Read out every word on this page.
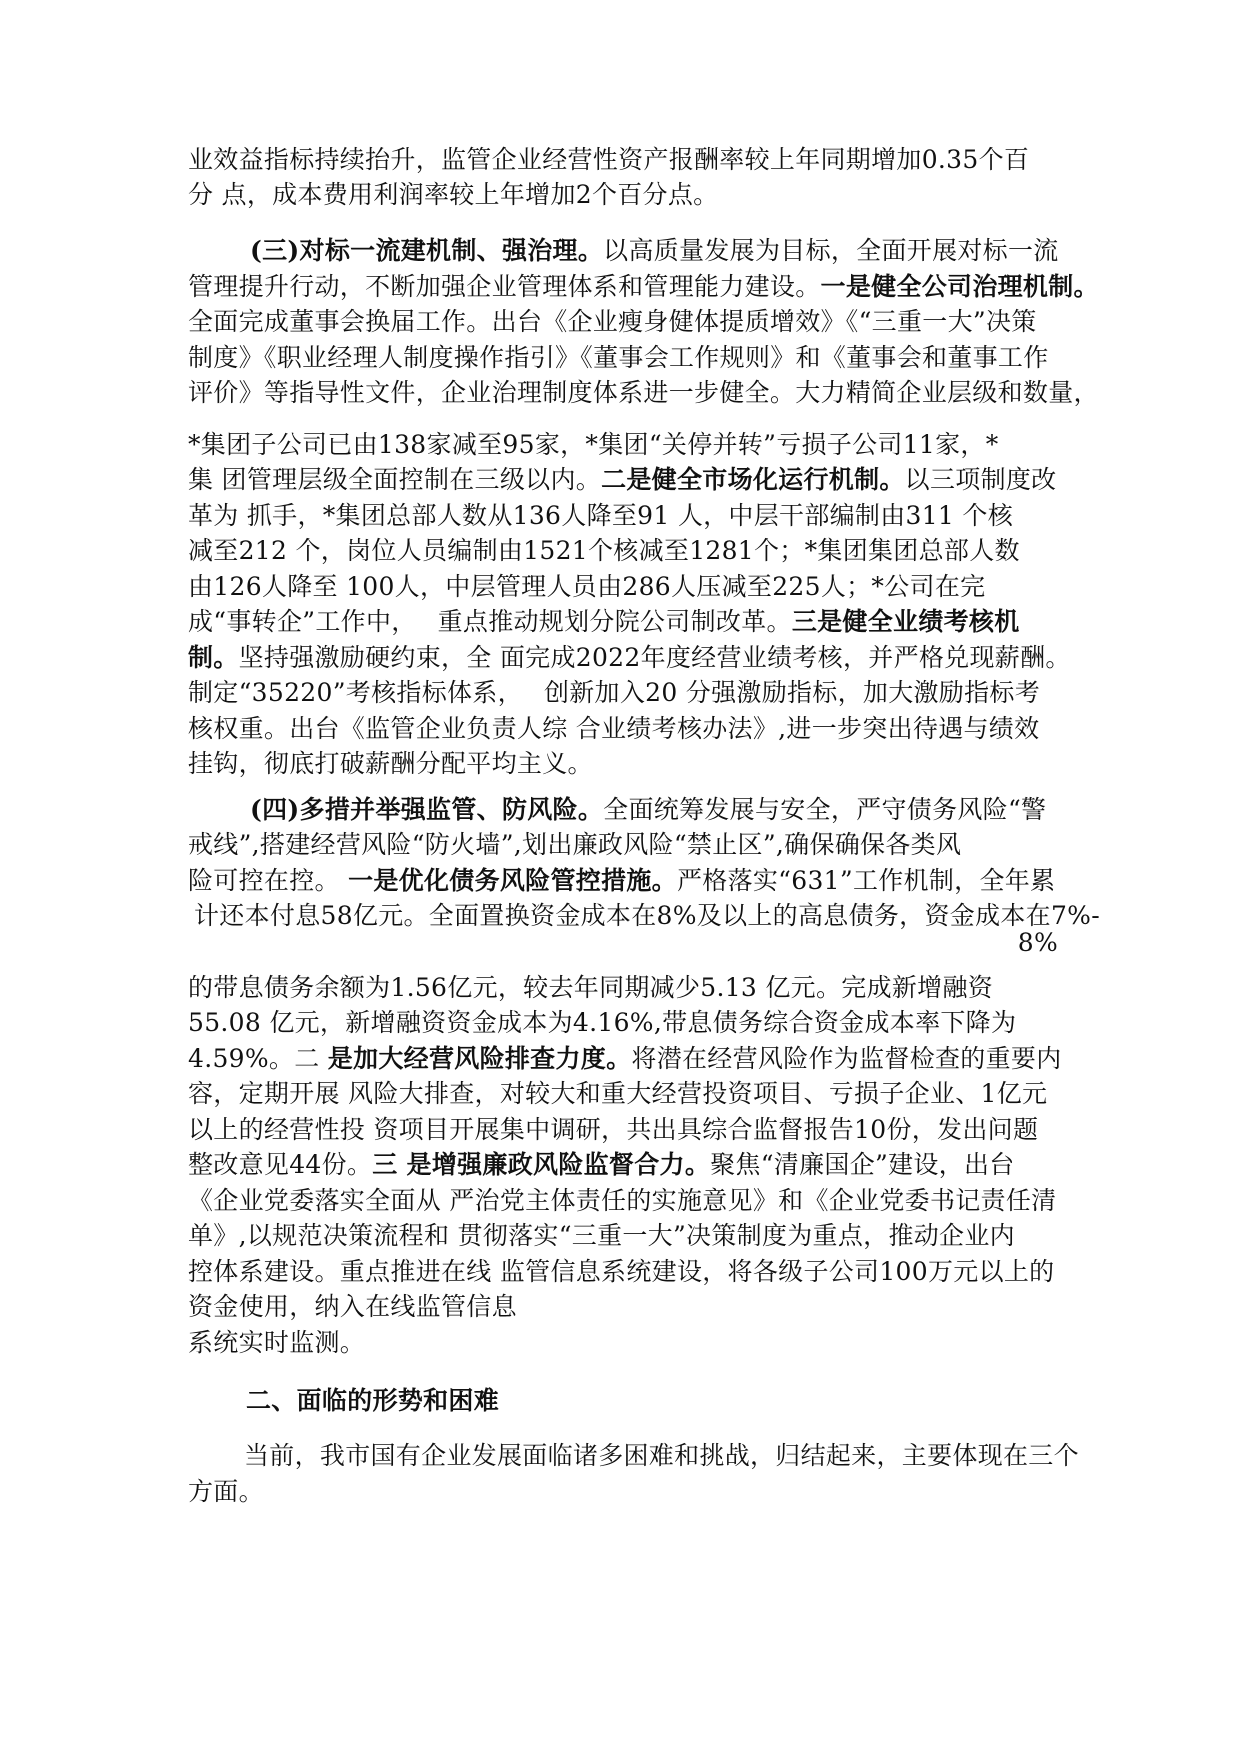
业效益指标持续抬升，监管企业经营性资产报酬率较上年同期增加0.35个百
分 点，成本费用利润率较上年增加2个百分点。
(三)对标一流建机制、强治理。以高质量发展为目标，全面开展对标一流
管理提升行动，不断加强企业管理体系和管理能力建设。一是健全公司治理机制。
全面完成董事会换届工作。出台《企业瘦身健体提质增效》《“三重一大”决策
制度》《职业经理人制度操作指引》《董事会工作规则》和《董事会和董事工作
评价》等指导性文件，企业治理制度体系进一步健全。大力精简企业层级和数量，
*集团子公司已由138家减至95家，*集团“关停并转”亏损子公司11家，*
集 团管理层级全面控制在三级以内。二是健全市场化运行机制。以三项制度改
革为 抓手，*集团总部人数从136人降至91 人，中层干部编制由311 个核
减至212 个，岗位人员编制由1521个核减至1281个；*集团集团总部人数
由126人降至 100人，中层管理人员由286人压减至225人；*公司在完
成“事转企”工作中，　 重点推动规划分院公司制改革。三是健全业绩考核机
制。坚持强激励硬约束，全 面完成2022年度经营业绩考核，并严格兑现薪酬。
制定“35220”考核指标体系，　 创新加入20 分强激励指标，加大激励指标考
核权重。出台《监管企业负责人综 合业绩考核办法》,进一步突出待遇与绩效
挂钩，彻底打破薪酬分配平均主义。
(四)多措并举强监管、防风险。全面统筹发展与安全，严守债务风险“警
戒线”,搭建经营风险“防火墙”,划出廉政风险“禁止区”,确保确保各类风
险可控在控。 一是优化债务风险管控措施。严格落实“631”工作机制，全年累
计还本付息58亿元。全面置换资金成本在8%及以上的高息债务，资金成本在7%-
8%
的带息债务余额为1.56亿元，较去年同期减少5.13 亿元。完成新增融资
55.08 亿元，新增融资资金成本为4.16%,带息债务综合资金成本率下降为
4.59%。二 是加大经营风险排查力度。将潜在经营风险作为监督检查的重要内
容，定期开展 风险大排查，对较大和重大经营投资项目、亏损子企业、1亿元
以上的经营性投 资项目开展集中调研，共出具综合监督报告10份，发出问题
整改意见44份。三 是增强廉政风险监督合力。聚焦“清廉国企”建设，出台
《企业党委落实全面从 严治党主体责任的实施意见》和《企业党委书记责任清
单》,以规范决策流程和 贯彻落实“三重一大”决策制度为重点，推动企业内
控体系建设。重点推进在线 监管信息系统建设，将各级子公司100万元以上的
资金使用，纳入在线监管信息
系统实时监测。
二、面临的形势和困难
当前，我市国有企业发展面临诸多困难和挑战，归结起来，主要体现在三个
方面。
